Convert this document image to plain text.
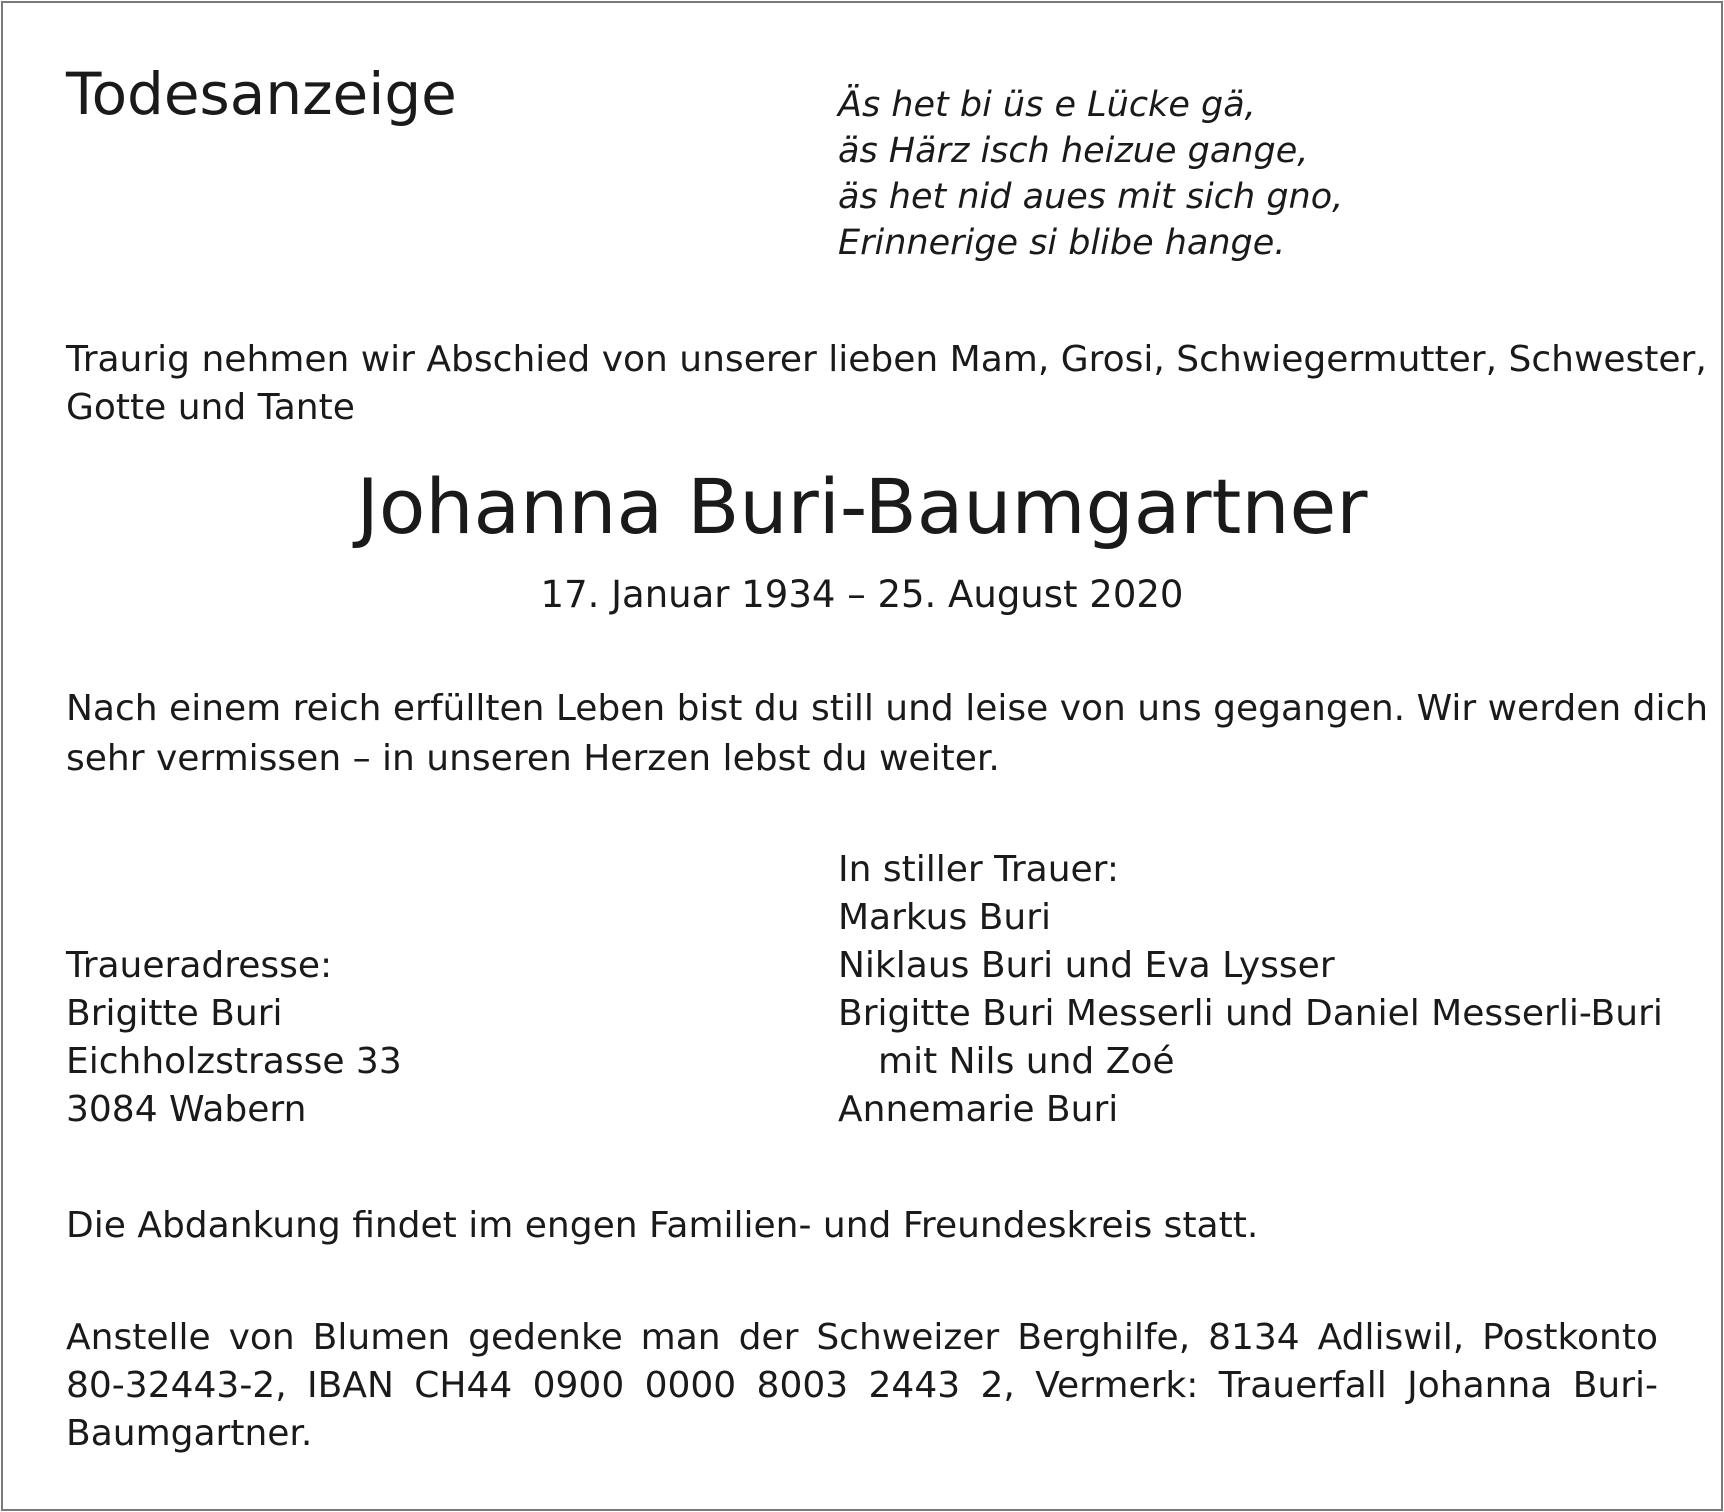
Todesanzeige	Äs het bi üs e Lücke gä,
äs Härz isch heizue gange,
äs het nid aues mit sich gno,
Erinnerige si blibe hange.
Traurig nehmen wir Abschied von unserer lieben Mam, Grosi, Schwiegermutter, Schwester,
Gotte und Tante
Johanna Buri-Baumgartner
17. Januar 1934 – 25. August 2020
Nach einem reich erfüllten Leben bist du still und leise von uns gegangen. Wir werden dich
sehr vermissen – in unseren Herzen lebst du weiter.
In stiller Trauer:
Markus Buri
Niklaus Buri und Eva Lysser
Brigitte Buri Messerli und Daniel Messerli-Buri
mit Nils und Zoé
Annemarie Buri
Traueradresse:
Brigitte Buri
Eichholzstrasse 33
3084 Wabern
Die Abdankung findet im engen Familien- und Freundeskreis statt.
Anstelle von Blumen gedenke man der Schweizer Berghilfe, 8134 Adliswil, Postkonto
80-32443-2, IBAN CH44 0900 0000 8003 2443 2, Vermerk: Trauerfall Johanna Buri-
Baumgartner.
